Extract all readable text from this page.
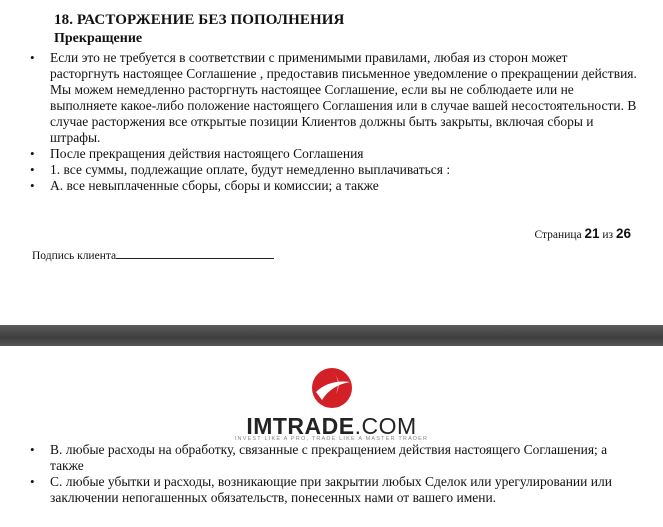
18. РАСТОРЖЕНИЕ БЕЗ ПОПОЛНЕНИЯ
Прекращение
• Если это не требуется в соответствии с применимыми правилами, любая из сторон может расторгнуть настоящее Соглашение , предоставив письменное уведомление о прекращении действия. Мы можем немедленно расторгнуть настоящее Соглашение, если вы не соблюдаете или не выполняете какое-либо положение настоящего Соглашения или в случае вашей несостоятельности. В случае расторжения все открытые позиции Клиентов должны быть закрыты, включая сборы и штрафы.
• После прекращения действия настоящего Соглашения
• 1. все суммы, подлежащие оплате, будут немедленно выплачиваться :
• А. все невыплаченные сборы, сборы и комиссии; а также
Страница 21 из 26
Подпись клиента
IMTRADE.COM
INVEST LIKE A PRO, TRADE LIKE A MASTER TRADER
• В. любые расходы на обработку, связанные с прекращением действия настоящего Соглашения; а также
• С. любые убытки и расходы, возникающие при закрытии любых Сделок или урегулировании или заключении непогашенных обязательств, понесенных нами от вашего имени.
